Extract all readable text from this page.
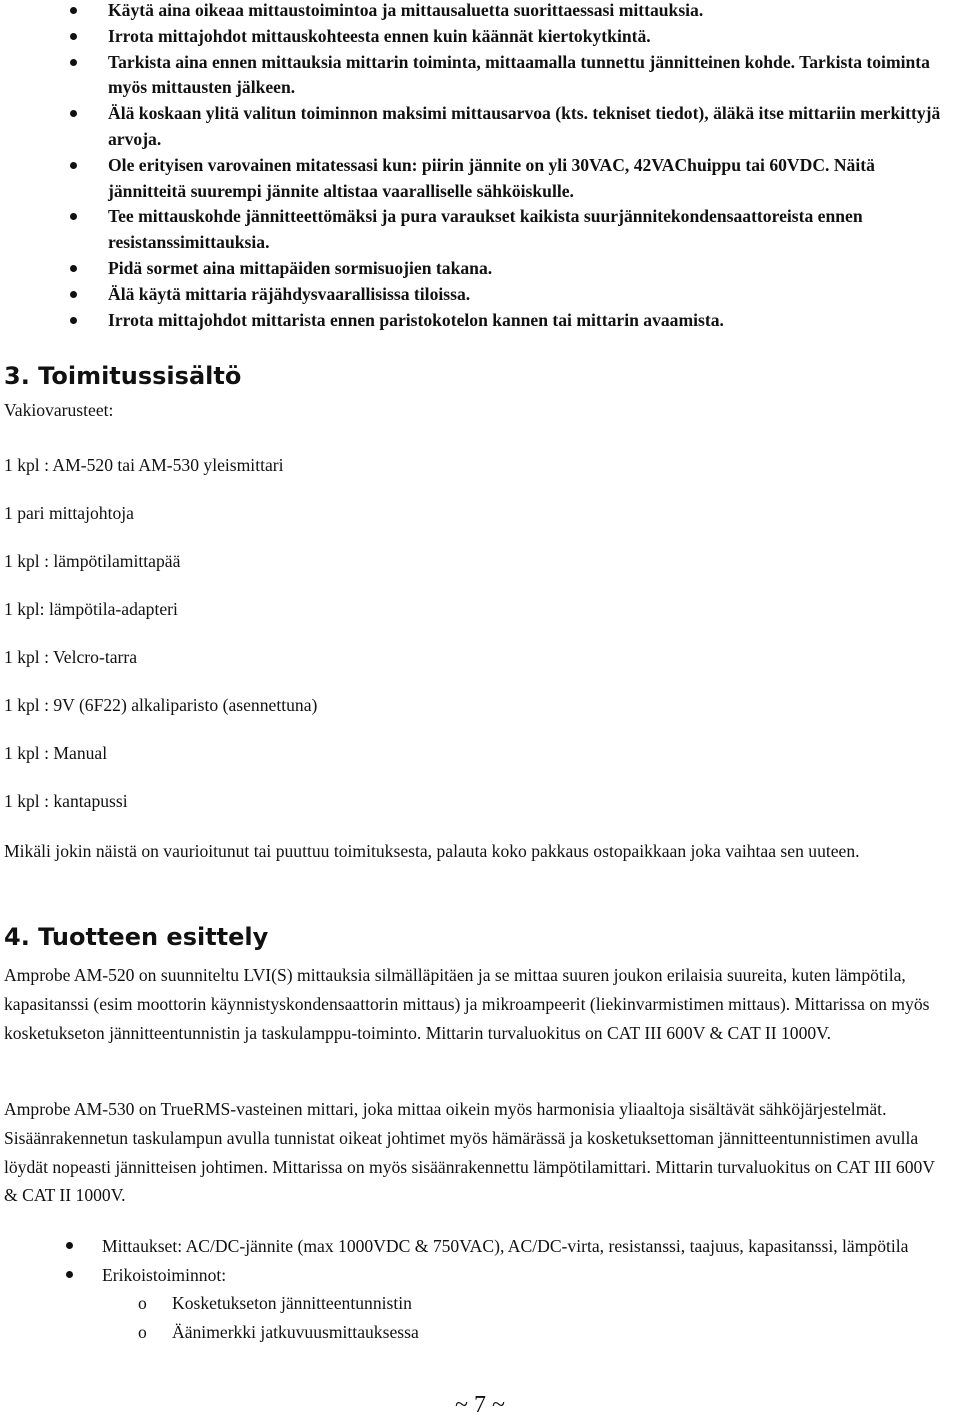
Käytä aina oikeaa mittaustoimintoa ja mittausaluetta suorittaessasi mittauksia.
Irrota mittajohdot mittauskohteesta ennen kuin käännät kiertokytkintä.
Tarkista aina ennen mittauksia mittarin toiminta, mittaamalla tunnettu jännitteinen kohde. Tarkista toiminta myös mittausten jälkeen.
Älä koskaan ylitä valitun toiminnon maksimi mittausarvoa (kts. tekniset tiedot), äläkä itse mittariin merkittyjä arvoja.
Ole erityisen varovainen mitatessasi kun: piirin jännite on yli 30VAC, 42VAChuippu tai 60VDC. Näitä jännitteitä suurempi jännite altistaa vaaralliselle sähköiskulle.
Tee mittauskohde jännitteettömäksi ja pura varaukset kaikista suurjännitekondensaattoreista ennen resistanssimittauksia.
Pidä sormet aina mittapäiden sormisuojien takana.
Älä käytä mittaria räjähdysvaarallisissa tiloissa.
Irrota mittajohdot mittarista ennen paristokotelon kannen tai mittarin avaamista.
3. Toimitussisältö

Vakiovarusteet:

1 kpl : AM-520 tai AM-530 yleismittari

1 pari mittajohtoja

1 kpl : lämpötilamittapää

1 kpl: lämpötila-adapteri

1 kpl : Velcro-tarra

1 kpl : 9V (6F22) alkaliparisto (asennettuna)

1 kpl : Manual

1 kpl : kantapussi

Mikäli jokin näistä on vaurioitunut tai puuttuu toimituksesta, palauta koko pakkaus ostopaikkaan joka vaihtaa sen uuteen.

4. Tuotteen esittely

Amprobe AM-520 on suunniteltu LVI(S) mittauksia silmälläpitäen ja se mittaa suuren joukon erilaisia suureita, kuten lämpötila, kapasitanssi (esim moottorin käynnistyskondensaattorin mittaus) ja mikroampeerit (liekinvarmistimen mittaus). Mittarissa on myös kosketukseton jännitteentunnistin ja taskulamppu-toiminto. Mittarin turvaluokitus on CAT III 600V & CAT II 1000V.

Amprobe AM-530 on TrueRMS-vasteinen mittari, joka mittaa oikein myös harmonisia yliaaltoja sisältävät sähköjärjestelmät. Sisäänrakennetun taskulampun avulla tunnistat oikeat johtimet myös hämärässä ja kosketuksettoman jännitteentunnistimen avulla löydät nopeasti jännitteisen johtimen. Mittarissa on myös sisäänrakennettu lämpötilamittari. Mittarin turvaluokitus on CAT III 600V & CAT II 1000V.

Mittaukset: AC/DC-jännite (max 1000VDC & 750VAC), AC/DC-virta, resistanssi, taajuus, kapasitanssi, lämpötila
Erikoistoiminnot:
o Kosketukseton jännitteentunnistin
o Äänimerkki jatkuvuusmittauksessa
~ 7 ~
